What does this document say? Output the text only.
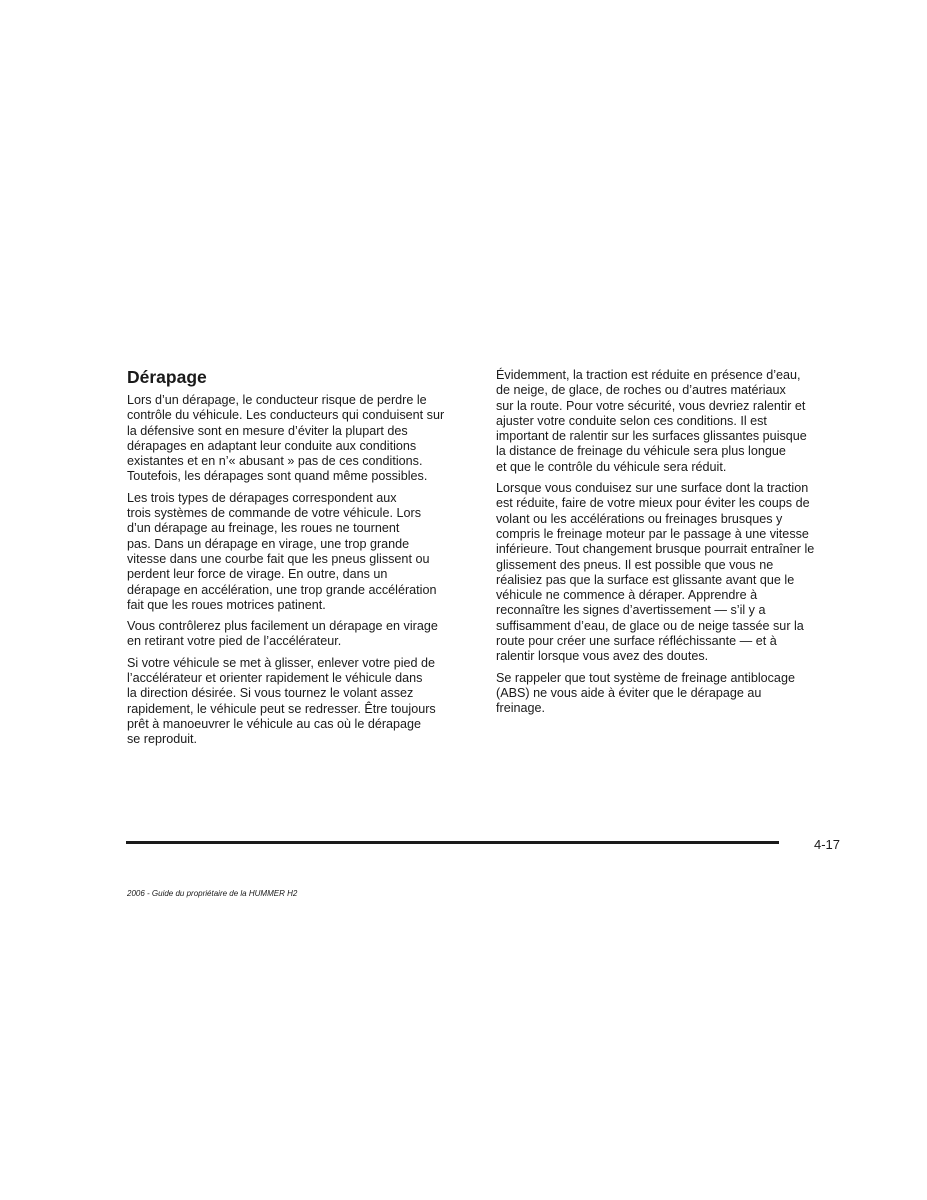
Dérapage

Lors d’un dérapage, le conducteur risque de perdre le
contrôle du véhicule. Les conducteurs qui conduisent sur
la défensive sont en mesure d’éviter la plupart des
dérapages en adaptant leur conduite aux conditions
existantes et en n’« abusant » pas de ces conditions.
Toutefois, les dérapages sont quand même possibles.

Les trois types de dérapages correspondent aux
trois systèmes de commande de votre véhicule. Lors
d’un dérapage au freinage, les roues ne tournent
pas. Dans un dérapage en virage, une trop grande
vitesse dans une courbe fait que les pneus glissent ou
perdent leur force de virage. En outre, dans un
dérapage en accélération, une trop grande accélération
fait que les roues motrices patinent.

Vous contrôlerez plus facilement un dérapage en virage
en retirant votre pied de l’accélérateur.

Si votre véhicule se met à glisser, enlever votre pied de
l’accélérateur et orienter rapidement le véhicule dans
la direction désirée. Si vous tournez le volant assez
rapidement, le véhicule peut se redresser. Être toujours
prêt à manoeuvrer le véhicule au cas où le dérapage
se reproduit.

Évidemment, la traction est réduite en présence d’eau,
de neige, de glace, de roches ou d’autres matériaux
sur la route. Pour votre sécurité, vous devriez ralentir et
ajuster votre conduite selon ces conditions. Il est
important de ralentir sur les surfaces glissantes puisque
la distance de freinage du véhicule sera plus longue
et que le contrôle du véhicule sera réduit.

Lorsque vous conduisez sur une surface dont la traction
est réduite, faire de votre mieux pour éviter les coups de
volant ou les accélérations ou freinages brusques y
compris le freinage moteur par le passage à une vitesse
inférieure. Tout changement brusque pourrait entraîner le
glissement des pneus. Il est possible que vous ne
réalisiez pas que la surface est glissante avant que le
véhicule ne commence à déraper. Apprendre à
reconnaître les signes d’avertissement — s’il y a
suffisamment d’eau, de glace ou de neige tassée sur la
route pour créer une surface réfléchissante — et à
ralentir lorsque vous avez des doutes.

Se rappeler que tout système de freinage antiblocage
(ABS) ne vous aide à éviter que le dérapage au
freinage.

4-17
2006 - Guide du propriétaire de la HUMMER H2
